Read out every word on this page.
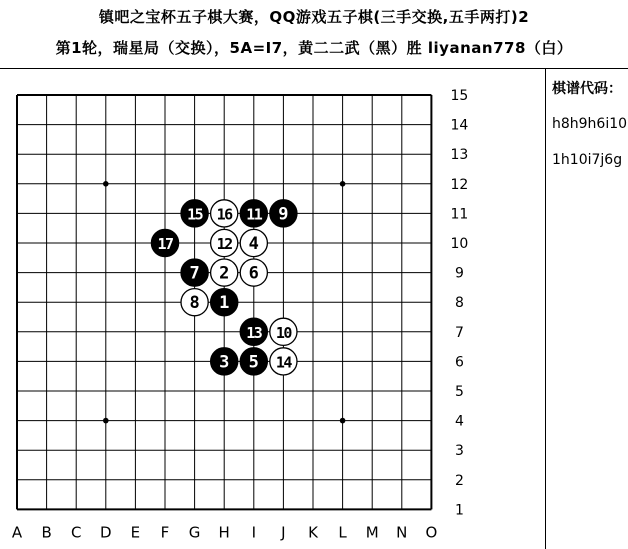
镇吧之宝杯五子棋大赛，QQ游戏五子棋(三手交换,五手两打)2
第1轮，瑞星局（交换），5A=I7，黄二二武（黑）胜 liyanan778（白）
棋谱代码：
h8h9h6i10
1h10i7j6g
A B C D E F G H I J K L M N O
15
14
13
12
11
10
9
8
7
6
5
4
3
2
1
1
2
3
4
5
6
7
8
9
10
11
12
13
14
15 16
17
